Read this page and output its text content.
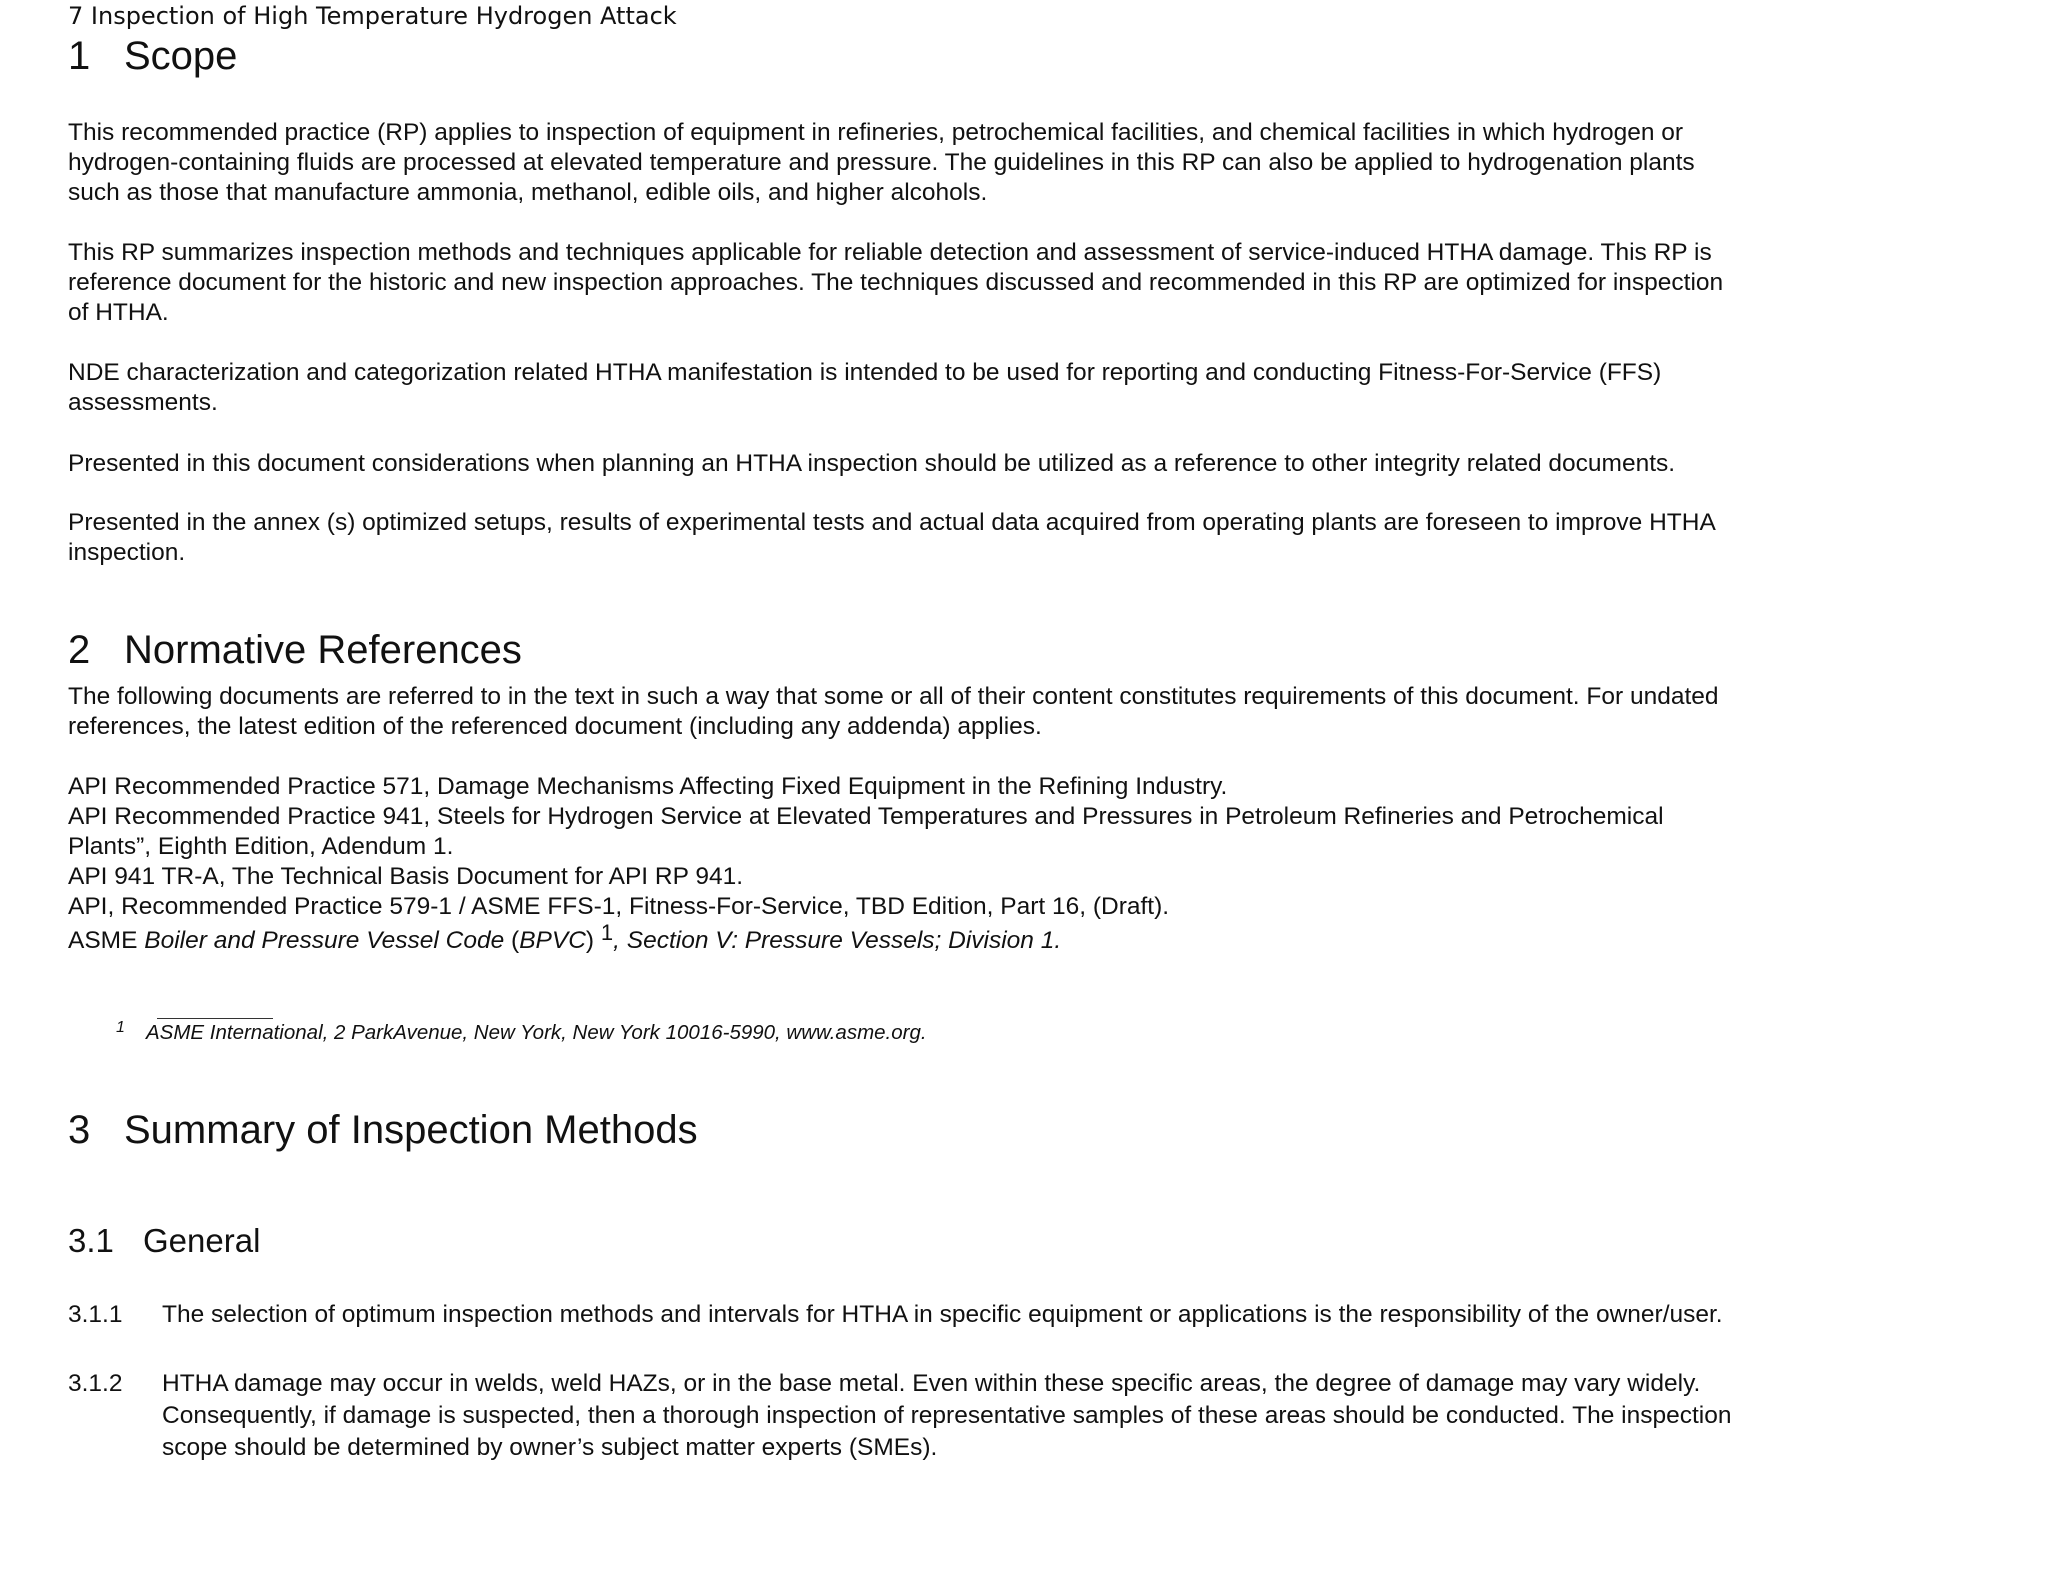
7 Inspection of High Temperature Hydrogen Attack
1 Scope
This recommended practice (RP) applies to inspection of equipment in refineries, petrochemical facilities, and chemical facilities in which hydrogen or
hydrogen-containing fluids are processed at elevated temperature and pressure. The guidelines in this RP can also be applied to hydrogenation plants
such as those that manufacture ammonia, methanol, edible oils, and higher alcohols.
This RP summarizes inspection methods and techniques applicable for reliable detection and assessment of service-induced HTHA damage. This RP is
reference document for the historic and new inspection approaches. The techniques discussed and recommended in this RP are optimized for inspection
of HTHA.
NDE characterization and categorization related HTHA manifestation is intended to be used for reporting and conducting Fitness-For-Service (FFS)
assessments.
Presented in this document considerations when planning an HTHA inspection should be utilized as a reference to other integrity related documents.
Presented in the annex (s) optimized setups, results of experimental tests and actual data acquired from operating plants are foreseen to improve HTHA
inspection.
2 Normative References
The following documents are referred to in the text in such a way that some or all of their content constitutes requirements of this document. For undated
references, the latest edition of the referenced document (including any addenda) applies.
API Recommended Practice 571, Damage Mechanisms Affecting Fixed Equipment in the Refining Industry.
API Recommended Practice 941, Steels for Hydrogen Service at Elevated Temperatures and Pressures in Petroleum Refineries and Petrochemical
Plants”, Eighth Edition, Adendum 1.
API 941 TR-A, The Technical Basis Document for API RP 941.
API, Recommended Practice 579-1 / ASME FFS-1, Fitness-For-Service, TBD Edition, Part 16, (Draft).
ASME Boiler and Pressure Vessel Code (BPVC) 1, Section V: Pressure Vessels; Division 1.
1 ASME International, 2 ParkAvenue, New York, New York 10016-5990, www.asme.org.
3 Summary of Inspection Methods
3.1 General
3.1.1 The selection of optimum inspection methods and intervals for HTHA in specific equipment or applications is the responsibility of the owner/user.
3.1.2 HTHA damage may occur in welds, weld HAZs, or in the base metal. Even within these specific areas, the degree of damage may vary widely.
Consequently, if damage is suspected, then a thorough inspection of representative samples of these areas should be conducted. The inspection
scope should be determined by owner’s subject matter experts (SMEs).
